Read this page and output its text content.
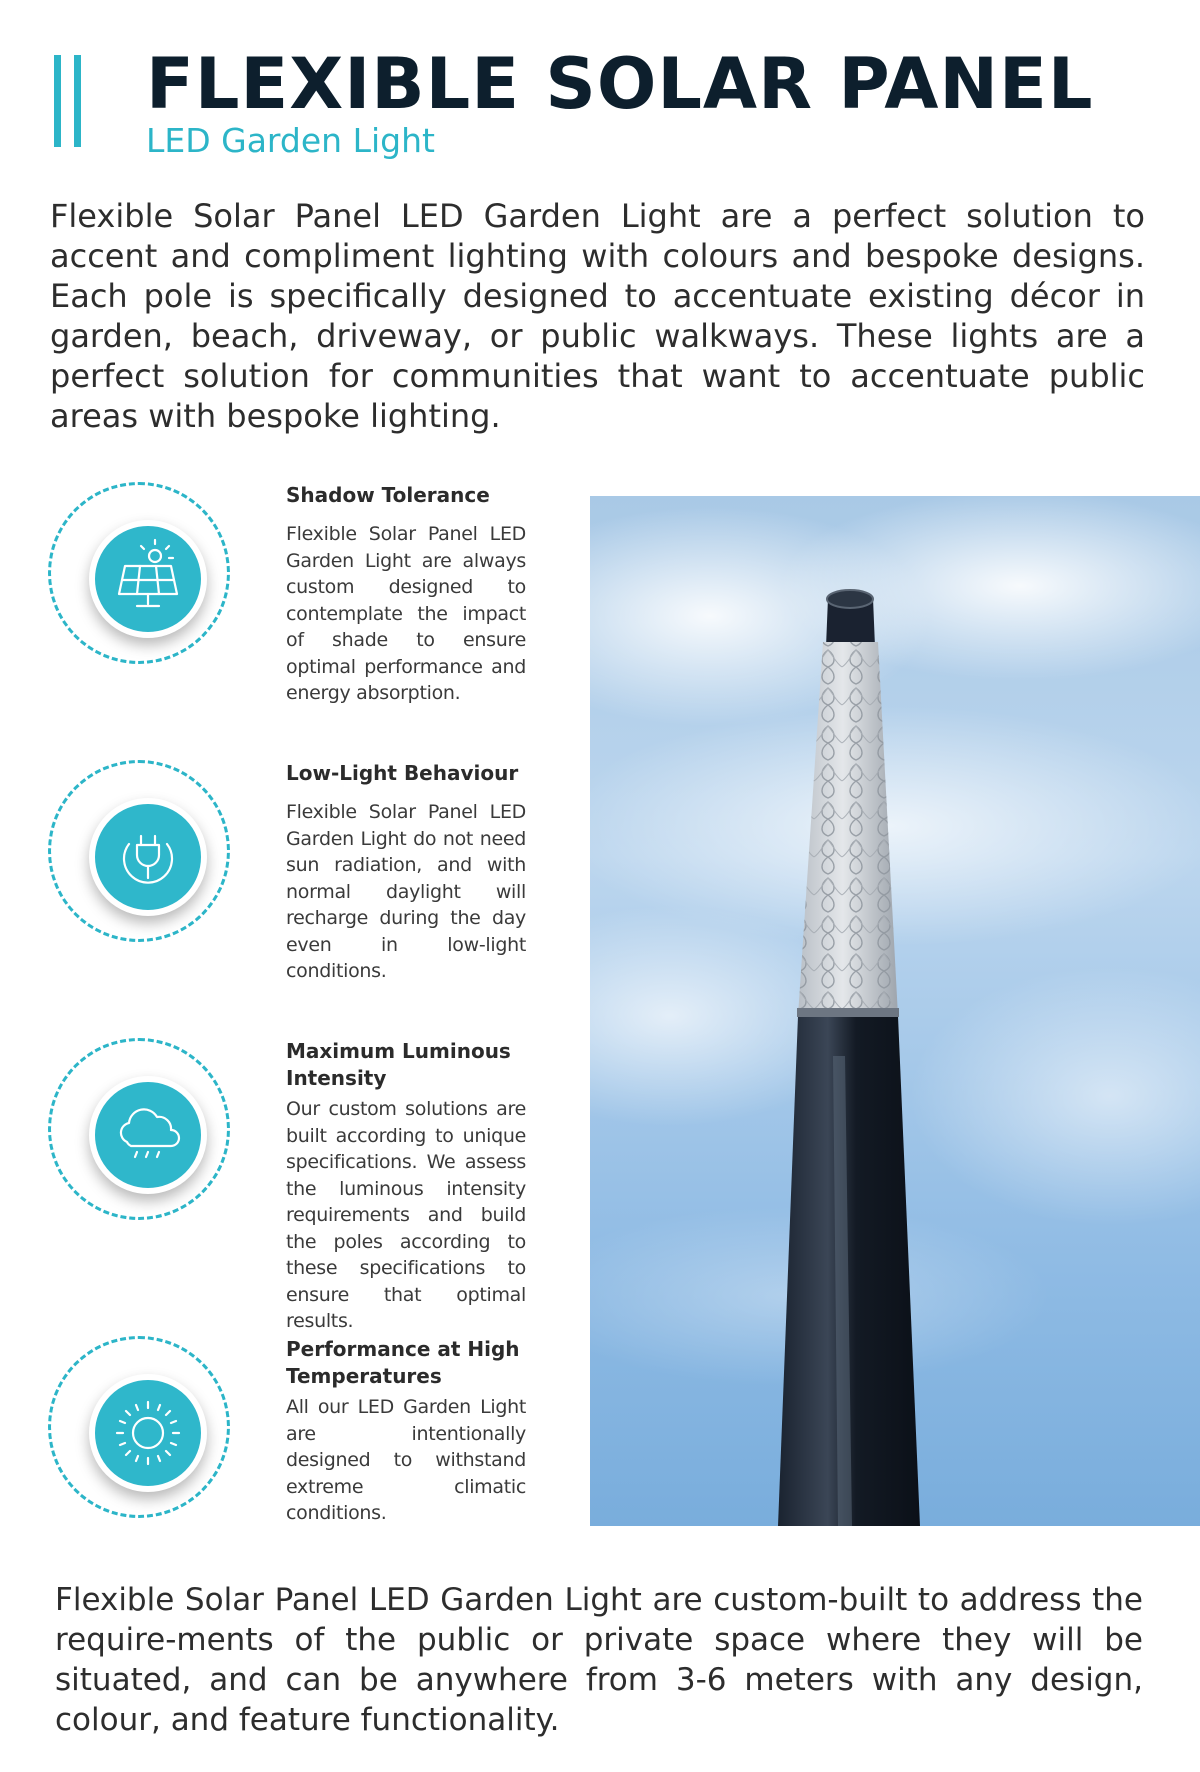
FLEXIBLE SOLAR PANEL
LED Garden Light

Flexible Solar Panel LED Garden Light are a perfect solution to accent and compliment lighting with colours and bespoke designs. Each pole is specifically designed to accentuate existing décor in garden, beach, driveway, or public walkways. These lights are a perfect solution for communities that want to accentuate public areas with bespoke lighting.

Shadow Tolerance

Flexible Solar Panel LED Garden Light are always custom designed to contemplate the impact of shade to ensure optimal performance and energy absorption.

Low-Light Behaviour

Flexible Solar Panel LED Garden Light do not need sun radiation, and with normal daylight will recharge during the day even in low-light conditions.

Maximum Luminous Intensity

Our custom solutions are built according to unique specifications. We assess the luminous intensity requirements and build the poles according to these specifications to ensure that optimal results.

Performance at High Temperatures

All our LED Garden Light are intentionally designed to withstand extreme climatic conditions.

Flexible Solar Panel LED Garden Light are custom-built to address the require-ments of the public or private space where they will be situated, and can be anywhere from 3-6 meters with any design, colour, and feature functionality.
